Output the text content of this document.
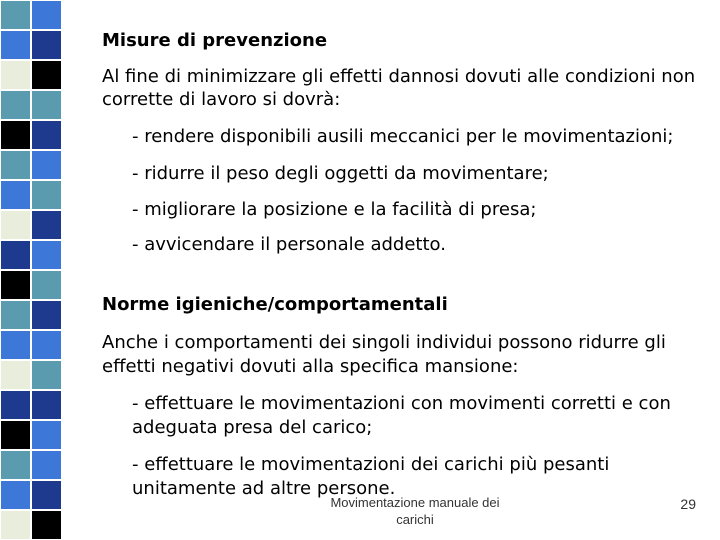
Misure di prevenzione

Al fine di minimizzare gli effetti dannosi dovuti alle condizioni non

corrette di lavoro si dovrà:

- rendere disponibili ausili meccanici per le movimentazioni;

- ridurre il peso degli oggetti da movimentare;

- migliorare la posizione e la facilità di presa;

- avvicendare il personale addetto.

Norme igieniche/comportamentali

Anche i comportamenti dei singoli individui possono ridurre gli

effetti negativi dovuti alla specifica mansione:

- effettuare le movimentazioni con movimenti corretti e con

adeguata presa del carico;

- effettuare le movimentazioni dei carichi più pesanti

unitamente ad altre persone.

Movimentazione manuale dei
carichi
29
